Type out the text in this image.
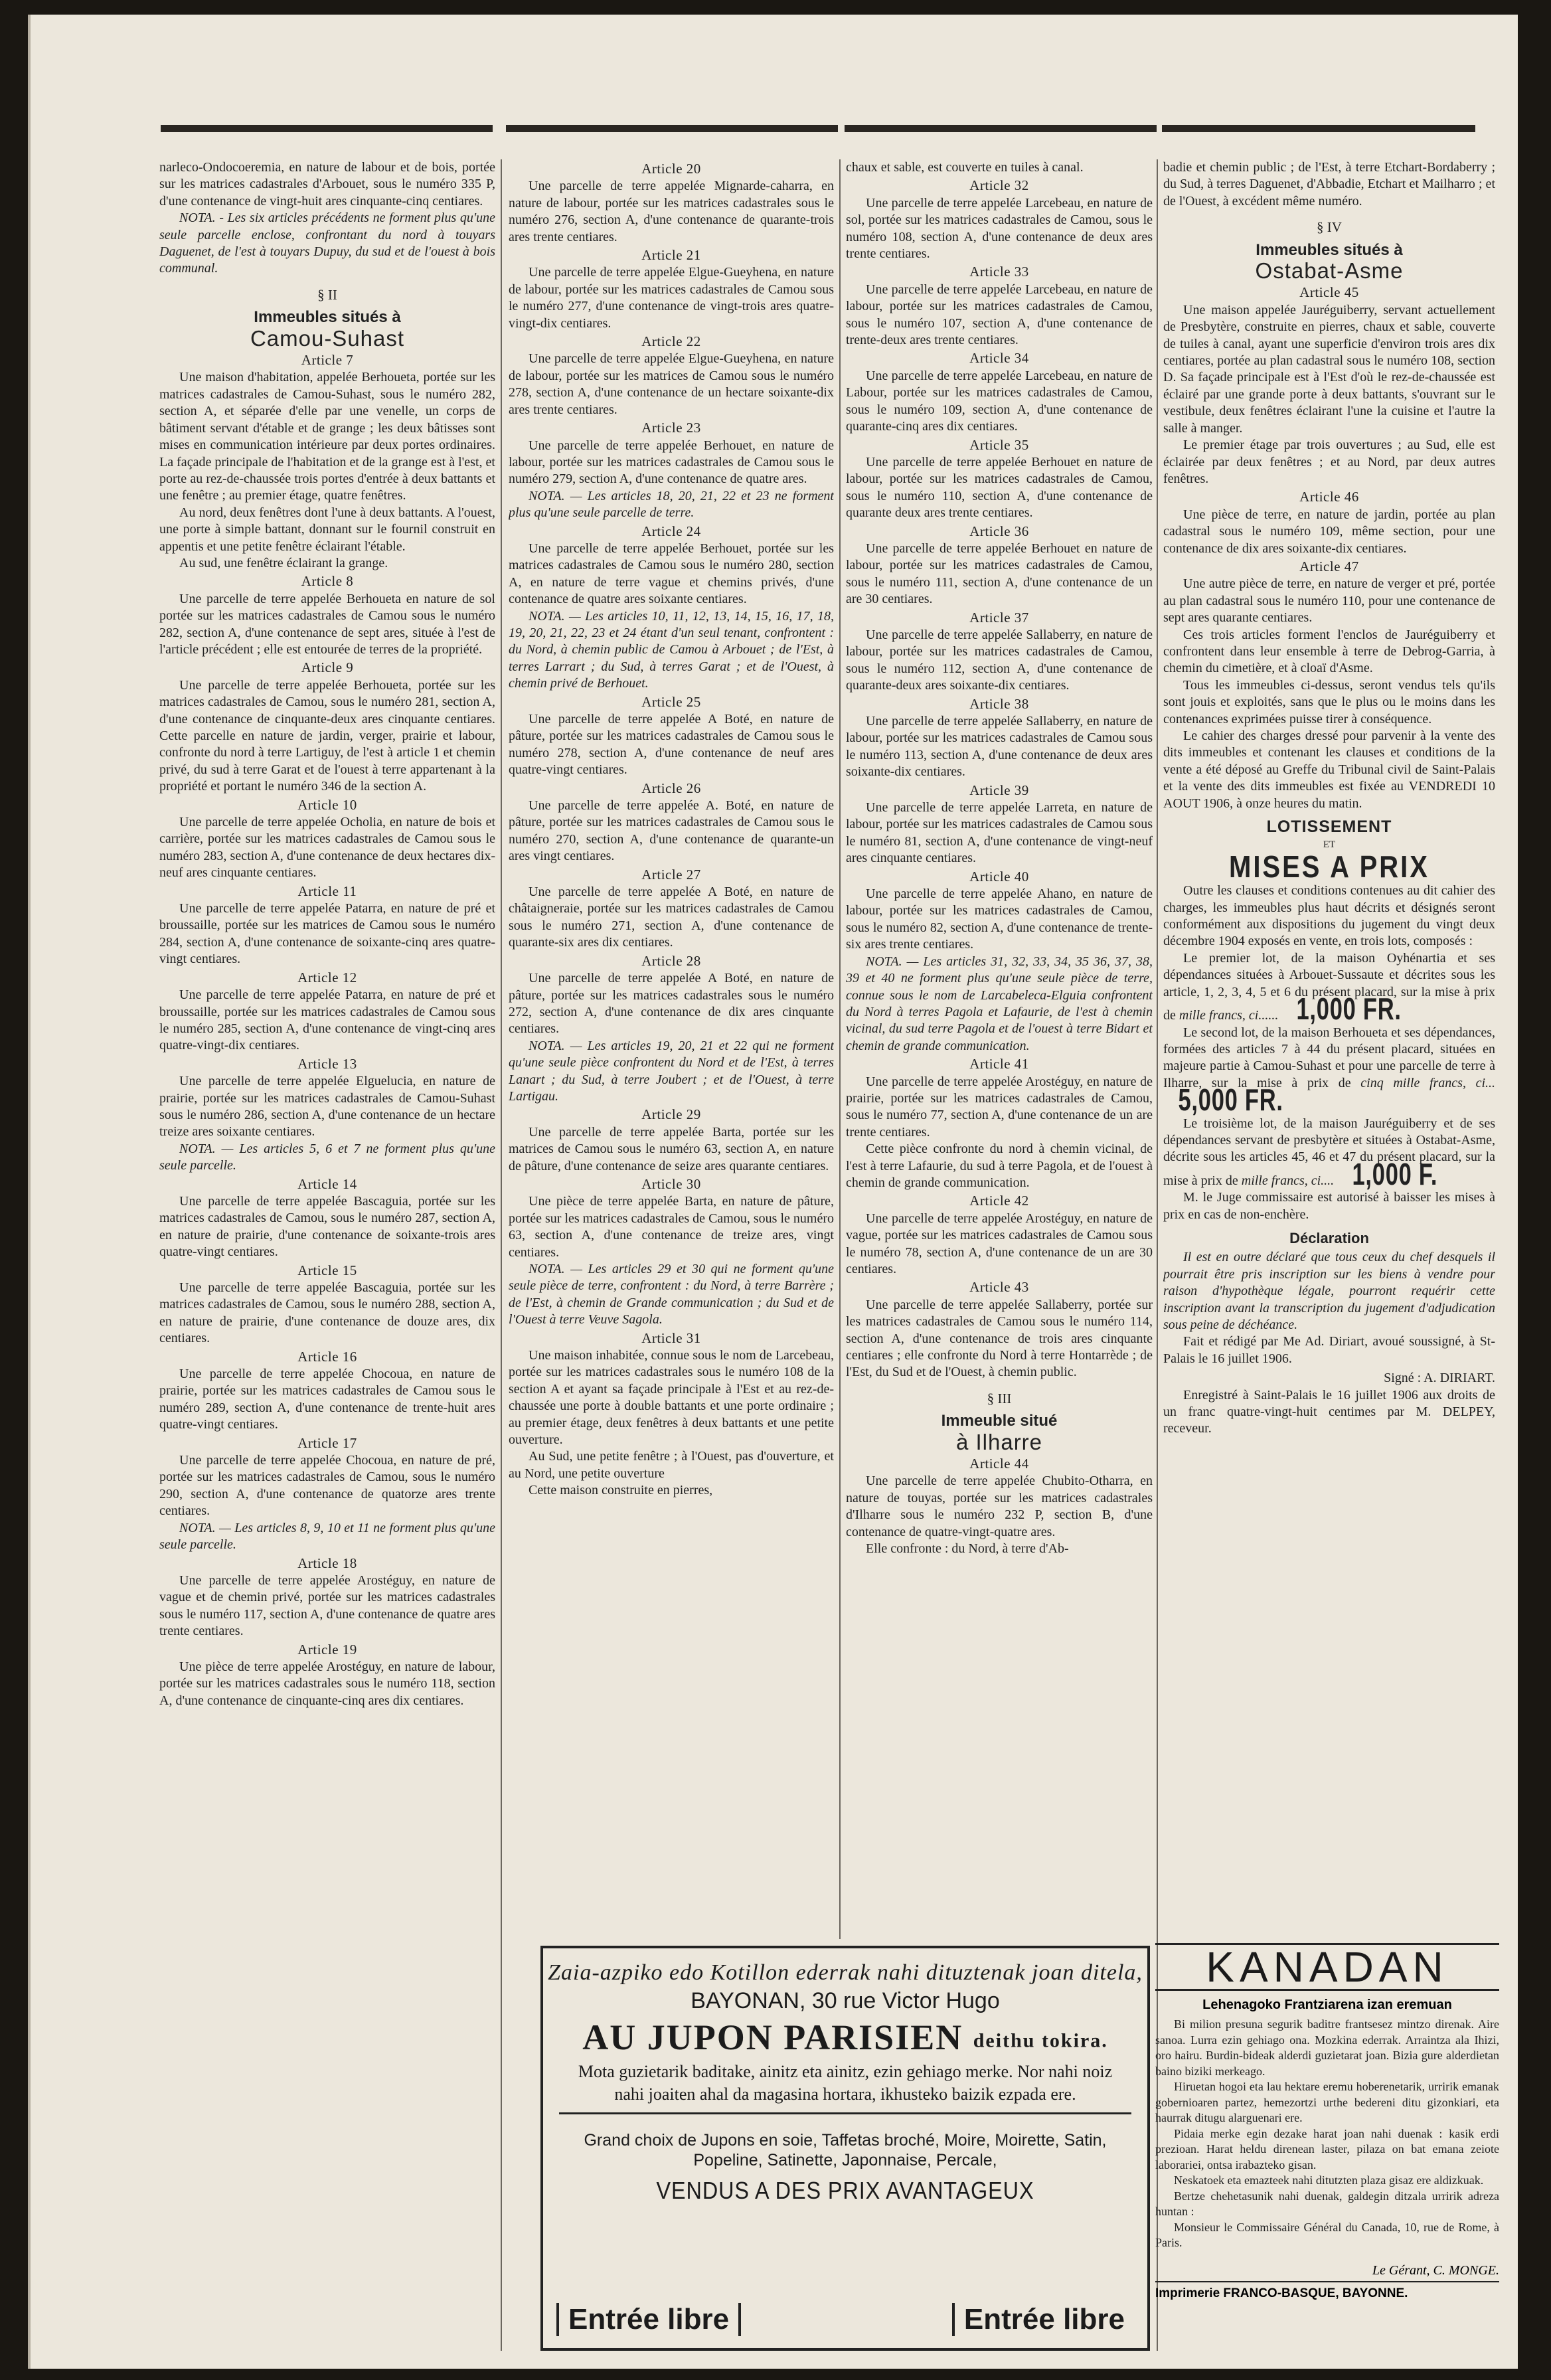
narleco-Ondocoeremia, en nature de labour et de bois, portée sur les matrices cadastrales d'Arbouet, sous le numéro 335 P, d'une contenance de vingt-huit ares cinquante-cinq centiares.

NOTA. - Les six articles précédents ne forment plus qu'une seule parcelle enclose, confrontant du nord à touyars Daguenet, de l'est à touyars Dupuy, du sud et de l'ouest à bois communal.

§ II
Immeubles situés à
Camou-Suhast
Article 7

Une maison d'habitation, appelée Berhoueta, portée sur les matrices cadastrales de Camou-Suhast, sous le numéro 282, section A, et séparée d'elle par une venelle, un corps de bâtiment servant d'étable et de grange ; les deux bâtisses sont mises en communication intérieure par deux portes ordinaires. La façade principale de l'habitation et de la grange est à l'est, et porte au rez-de-chaussée trois portes d'entrée à deux battants et une fenêtre ; au premier étage, quatre fenêtres.

Au nord, deux fenêtres dont l'une à deux battants. A l'ouest, une porte à simple battant, donnant sur le fournil construit en appentis et une petite fenêtre éclairant l'étable.

Au sud, une fenêtre éclairant la grange.

Article 8

Une parcelle de terre appelée Berhoueta en nature de sol portée sur les matrices cadastrales de Camou sous le numéro 282, section A, d'une contenance de sept ares, située à l'est de l'article précédent ; elle est entourée de terres de la propriété.

Article 9

Une parcelle de terre appelée Berhoueta, portée sur les matrices cadastrales de Camou, sous le numéro 281, section A, d'une contenance de cinquante-deux ares cinquante centiares. Cette parcelle en nature de jardin, verger, prairie et labour, confronte du nord à terre Lartiguy, de l'est à article 1 et chemin privé, du sud à terre Garat et de l'ouest à terre appartenant à la propriété et portant le numéro 346 de la section A.

Article 10

Une parcelle de terre appelée Ocholia, en nature de bois et carrière, portée sur les matrices cadastrales de Camou sous le numéro 283, section A, d'une contenance de deux hectares dix-neuf ares cinquante centiares.

Article 11

Une parcelle de terre appelée Patarra, en nature de pré et broussaille, portée sur les matrices de Camou sous le numéro 284, section A, d'une contenance de soixante-cinq ares quatre-vingt centiares.

Article 12

Une parcelle de terre appelée Patarra, en nature de pré et broussaille, portée sur les matrices cadastrales de Camou sous le numéro 285, section A, d'une contenance de vingt-cinq ares quatre-vingt-dix centiares.

Article 13

Une parcelle de terre appelée Elguelucia, en nature de prairie, portée sur les matrices cadastrales de Camou-Suhast sous le numéro 286, section A, d'une contenance de un hectare treize ares soixante centiares.

NOTA. — Les articles 5, 6 et 7 ne forment plus qu'une seule parcelle.

Article 14

Une parcelle de terre appelée Bascaguia, portée sur les matrices cadastrales de Camou, sous le numéro 287, section A, en nature de prairie, d'une contenance de soixante-trois ares quatre-vingt centiares.

Article 15

Une parcelle de terre appelée Bascaguia, portée sur les matrices cadastrales de Camou, sous le numéro 288, section A, en nature de prairie, d'une contenance de douze ares, dix centiares.

Article 16

Une parcelle de terre appelée Chocoua, en nature de prairie, portée sur les matrices cadastrales de Camou sous le numéro 289, section A, d'une contenance de trente-huit ares quatre-vingt centiares.

Article 17

Une parcelle de terre appelée Chocoua, en nature de pré, portée sur les matrices cadastrales de Camou, sous le numéro 290, section A, d'une contenance de quatorze ares trente centiares.

NOTA. — Les articles 8, 9, 10 et 11 ne forment plus qu'une seule parcelle.

Article 18

Une parcelle de terre appelée Arostéguy, en nature de vague et de chemin privé, portée sur les matrices cadastrales sous le numéro 117, section A, d'une contenance de quatre ares trente centiares.

Article 19

Une pièce de terre appelée Arostéguy, en nature de labour, portée sur les matrices cadastrales sous le numéro 118, section A, d'une contenance de cinquante-cinq ares dix centiares.

Article 20

Une parcelle de terre appelée Mignarde-caharra, en nature de labour, portée sur les matrices cadastrales sous le numéro 276, section A, d'une contenance de quarante-trois ares trente centiares.

Article 21

Une parcelle de terre appelée Elgue-Gueyhena, en nature de labour, portée sur les matrices cadastrales de Camou sous le numéro 277, d'une contenance de vingt-trois ares quatre-vingt-dix centiares.

Article 22

Une parcelle de terre appelée Elgue-Gueyhena, en nature de labour, portée sur les matrices de Camou sous le numéro 278, section A, d'une contenance de un hectare soixante-dix ares trente centiares.

Article 23

Une parcelle de terre appelée Berhouet, en nature de labour, portée sur les matrices cadastrales de Camou sous le numéro 279, section A, d'une contenance de quatre ares.

NOTA. — Les articles 18, 20, 21, 22 et 23 ne forment plus qu'une seule parcelle de terre.

Article 24

Une parcelle de terre appelée Berhouet, portée sur les matrices cadastrales de Camou sous le numéro 280, section A, en nature de terre vague et chemins privés, d'une contenance de quatre ares soixante centiares.

NOTA. — Les articles 10, 11, 12, 13, 14, 15, 16, 17, 18, 19, 20, 21, 22, 23 et 24 étant d'un seul tenant, confrontent : du Nord, à chemin public de Camou à Arbouet ; de l'Est, à terres Larrart ; du Sud, à terres Garat ; et de l'Ouest, à chemin privé de Berhouet.

Article 25

Une parcelle de terre appelée A Boté, en nature de pâture, portée sur les matrices cadastrales de Camou sous le numéro 278, section A, d'une contenance de neuf ares quatre-vingt centiares.

Article 26

Une parcelle de terre appelée A. Boté, en nature de pâture, portée sur les matrices cadastrales de Camou sous le numéro 270, section A, d'une contenance de quarante-un ares vingt centiares.

Article 27

Une parcelle de terre appelée A Boté, en nature de châtaigneraie, portée sur les matrices cadastrales de Camou sous le numéro 271, section A, d'une contenance de quarante-six ares dix centiares.

Article 28

Une parcelle de terre appelée A Boté, en nature de pâture, portée sur les matrices cadastrales sous le numéro 272, section A, d'une contenance de dix ares cinquante centiares.

NOTA. — Les articles 19, 20, 21 et 22 qui ne forment qu'une seule pièce confrontent du Nord et de l'Est, à terres Lanart ; du Sud, à terre Joubert ; et de l'Ouest, à terre Lartigau.

Article 29

Une parcelle de terre appelée Barta, portée sur les matrices de Camou sous le numéro 63, section A, en nature de pâture, d'une contenance de seize ares quarante centiares.

Article 30

Une pièce de terre appelée Barta, en nature de pâture, portée sur les matrices cadastrales de Camou, sous le numéro 63, section A, d'une contenance de treize ares, vingt centiares.

NOTA. — Les articles 29 et 30 qui ne forment qu'une seule pièce de terre, confrontent : du Nord, à terre Barrère ; de l'Est, à chemin de Grande communication ; du Sud et de l'Ouest à terre Veuve Sagola.

Article 31

Une maison inhabitée, connue sous le nom de Larcebeau, portée sur les matrices cadastrales sous le numéro 108 de la section A et ayant sa façade principale à l'Est et au rez-de-chaussée une porte à double battants et une porte ordinaire ; au premier étage, deux fenêtres à deux battants et une petite ouverture.

Au Sud, une petite fenêtre ; à l'Ouest, pas d'ouverture, et au Nord, une petite ouverture

Cette maison construite en pierres,

chaux et sable, est couverte en tuiles à canal.

Article 32

Une parcelle de terre appelée Larcebeau, en nature de sol, portée sur les matrices cadastrales de Camou, sous le numéro 108, section A, d'une contenance de deux ares trente centiares.

Article 33

Une parcelle de terre appelée Larcebeau, en nature de labour, portée sur les matrices cadastrales de Camou, sous le numéro 107, section A, d'une contenance de trente-deux ares trente centiares.

Article 34

Une parcelle de terre appelée Larcebeau, en nature de Labour, portée sur les matrices cadastrales de Camou, sous le numéro 109, section A, d'une contenance de quarante-cinq ares dix centiares.

Article 35

Une parcelle de terre appelée Berhouet en nature de labour, portée sur les matrices cadastrales de Camou, sous le numéro 110, section A, d'une contenance de quarante deux ares trente centiares.

Article 36

Une parcelle de terre appelée Berhouet en nature de labour, portée sur les matrices cadastrales de Camou, sous le numéro 111, section A, d'une contenance de un are 30 centiares.

Article 37

Une parcelle de terre appelée Sallaberry, en nature de labour, portée sur les matrices cadastrales de Camou, sous le numéro 112, section A, d'une contenance de quarante-deux ares soixante-dix centiares.

Article 38

Une parcelle de terre appelée Sallaberry, en nature de labour, portée sur les matrices cadastrales de Camou sous le numéro 113, section A, d'une contenance de deux ares soixante-dix centiares.

Article 39

Une parcelle de terre appelée Larreta, en nature de labour, portée sur les matrices cadastrales de Camou sous le numéro 81, section A, d'une contenance de vingt-neuf ares cinquante centiares.

Article 40

Une parcelle de terre appelée Ahano, en nature de labour, portée sur les matrices cadastrales de Camou, sous le numéro 82, section A, d'une contenance de trente-six ares trente centiares.

NOTA. — Les articles 31, 32, 33, 34, 35 36, 37, 38, 39 et 40 ne forment plus qu'une seule pièce de terre, connue sous le nom de Larcabeleca-Elguia confrontent du Nord à terres Pagola et Lafaurie, de l'est à chemin vicinal, du sud terre Pagola et de l'ouest à terre Bidart et chemin de grande communication.

Article 41

Une parcelle de terre appelée Arostéguy, en nature de prairie, portée sur les matrices cadastrales de Camou, sous le numéro 77, section A, d'une contenance de un are trente centiares.

Cette pièce confronte du nord à chemin vicinal, de l'est à terre Lafaurie, du sud à terre Pagola, et de l'ouest à chemin de grande communication.

Article 42

Une parcelle de terre appelée Arostéguy, en nature de vague, portée sur les matrices cadastrales de Camou sous le numéro 78, section A, d'une contenance de un are 30 centiares.

Article 43

Une parcelle de terre appelée Sallaberry, portée sur les matrices cadastrales de Camou sous le numéro 114, section A, d'une contenance de trois ares cinquante centiares ; elle confronte du Nord à terre Hontarrède ; de l'Est, du Sud et de l'Ouest, à chemin public.

§ III
Immeuble situé
à Ilharre
Article 44

Une parcelle de terre appelée Chubito-Otharra, en nature de touyas, portée sur les matrices cadastrales d'Ilharre sous le numéro 232 P, section B, d'une contenance de quatre-vingt-quatre ares.

Elle confronte : du Nord, à terre d'Ab-

badie et chemin public ; de l'Est, à terre Etchart-Bordaberry ; du Sud, à terres Daguenet, d'Abbadie, Etchart et Mailharro ; et de l'Ouest, à excédent même numéro.

§ IV
Immeubles situés à
Ostabat-Asme
Article 45

Une maison appelée Jauréguiberry, servant actuellement de Presbytère, construite en pierres, chaux et sable, couverte de tuiles à canal, ayant une superficie d'environ trois ares dix centiares, portée au plan cadastral sous le numéro 108, section D. Sa façade principale est à l'Est d'où le rez-de-chaussée est éclairé par une grande porte à deux battants, s'ouvrant sur le vestibule, deux fenêtres éclairant l'une la cuisine et l'autre la salle à manger.

Le premier étage par trois ouvertures ; au Sud, elle est éclairée par deux fenêtres ; et au Nord, par deux autres fenêtres.

Article 46

Une pièce de terre, en nature de jardin, portée au plan cadastral sous le numéro 109, même section, pour une contenance de dix ares soixante-dix centiares.

Article 47

Une autre pièce de terre, en nature de verger et pré, portée au plan cadastral sous le numéro 110, pour une contenance de sept ares quarante centiares.

Ces trois articles forment l'enclos de Jauréguiberry et confrontent dans leur ensemble à terre de Debrog-Garria, à chemin du cimetière, et à cloaï d'Asme.

Tous les immeubles ci-dessus, seront vendus tels qu'ils sont jouis et exploités, sans que le plus ou le moins dans les contenances exprimées puisse tirer à conséquence.

Le cahier des charges dressé pour parvenir à la vente des dits immeubles et contenant les clauses et conditions de la vente a été déposé au Greffe du Tribunal civil de Saint-Palais et la vente des dits immeubles est fixée au VENDREDI 10 AOUT 1906, à onze heures du matin.

LOTISSEMENT
ET
MISES A PRIX

Outre les clauses et conditions contenues au dit cahier des charges, les immeubles plus haut décrits et désignés seront conformément aux dispositions du jugement du vingt deux décembre 1904 exposés en vente, en trois lots, composés :

Le premier lot, de la maison Oyhénartia et ses dépendances situées à Arbouet-Sussaute et décrites sous les article, 1, 2, 3, 4, 5 et 6 du présent placard, sur la mise à prix de mille francs, ci...... 1,000 FR.

Le second lot, de la maison Berhoueta et ses dépendances, formées des articles 7 à 44 du présent placard, situées en majeure partie à Camou-Suhast et pour une parcelle de terre à Ilharre, sur la mise à prix de cinq mille francs, ci... 5,000 FR.

Le troisième lot, de la maison Jauréguiberry et de ses dépendances servant de presbytère et situées à Ostabat-Asme, décrite sous les articles 45, 46 et 47 du présent placard, sur la mise à prix de mille francs, ci.... 1,000 F.

M. le Juge commissaire est autorisé à baisser les mises à prix en cas de non-enchère.

Déclaration

Il est en outre déclaré que tous ceux du chef desquels il pourrait être pris inscription sur les biens à vendre pour raison d'hypothèque légale, pourront requérir cette inscription avant la transcription du jugement d'adjudication sous peine de déchéance.

Fait et rédigé par Me Ad. Diriart, avoué soussigné, à St-Palais le 16 juillet 1906.

Signé : A. DIRIART.

Enregistré à Saint-Palais le 16 juillet 1906 aux droits de un franc quatre-vingt-huit centimes par M. DELPEY, receveur.

KANADAN
Lehenagoko Frantziarena izan eremuan

Bi milion presuna segurik baditre frantsesez mintzo direnak. Aire sanoa. Lurra ezin gehiago ona. Mozkina ederrak. Arraintza ala Ihizi, oro hairu. Burdin-bideak alderdi guzietarat joan. Bizia gure alderdietan baino biziki merkeago.

Hiruetan hogoi eta lau hektare eremu hoberenetarik, urririk emanak gobernioaren partez, hemezortzi urthe bedereni ditu gizonkiari, eta haurrak ditugu alarguenari ere.

Pidaia merke egin dezake harat joan nahi duenak : kasik erdi prezioan. Harat heldu direnean laster, pilaza on bat emana zeiote laborariei, ontsa irabazteko gisan.

Neskatoek eta emazteek nahi ditutzten plaza gisaz ere aldizkuak.

Bertze chehetasunik nahi duenak, galdegin ditzala urririk adreza huntan :

Monsieur le Commissaire Général du Canada, 10, rue de Rome, à Paris.

Le Gérant, C. MONGE.
Imprimerie FRANCO-BASQUE, BAYONNE.
Zaia-azpiko edo Kotillon ederrak nahi dituztenak joan ditela,
BAYONAN, 30 rue Victor Hugo
AU JUPON PARISIEN deithu tokira.
Mota guzietarik baditake, ainitz eta ainitz, ezin gehiago merke. Nor nahi noiz nahi joaiten ahal da magasina hortara, ikhusteko baizik ezpada ere.
Grand choix de Jupons en soie, Taffetas broché, Moire, Moirette, Satin, Popeline, Satinette, Japonnaise, Percale,
VENDUS A DES PRIX AVANTAGEUX
Entrée libre	Entrée libre
